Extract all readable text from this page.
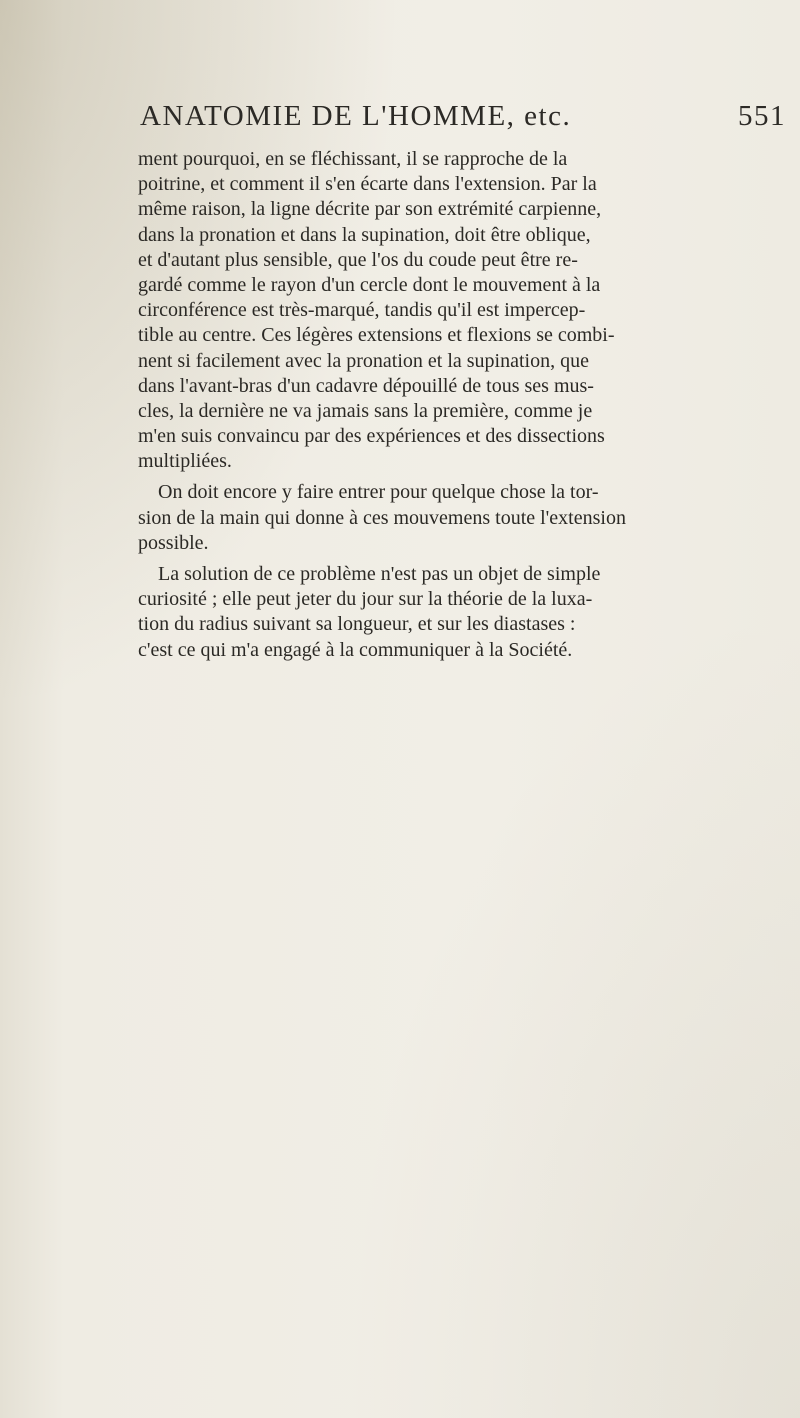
ANATOMIE DE L'HOMME, etc.	551
ment pourquoi, en se fléchissant, il se rapproche de la
poitrine, et comment il s'en écarte dans l'extension. Par la
même raison, la ligne décrite par son extrémité carpienne,
dans la pronation et dans la supination, doit être oblique,
et d'autant plus sensible, que l'os du coude peut être re-
gardé comme le rayon d'un cercle dont le mouvement à la
circonférence est très-marqué, tandis qu'il est impercep-
tible au centre. Ces légères extensions et flexions se combi-
nent si facilement avec la pronation et la supination, que
dans l'avant-bras d'un cadavre dépouillé de tous ses mus-
cles, la dernière ne va jamais sans la première, comme je
m'en suis convaincu par des expériences et des dissections
multipliées.
On doit encore y faire entrer pour quelque chose la tor-
sion de la main qui donne à ces mouvemens toute l'extension
possible.
La solution de ce problème n'est pas un objet de simple
curiosité ; elle peut jeter du jour sur la théorie de la luxa-
tion du radius suivant sa longueur, et sur les diastases :
c'est ce qui m'a engagé à la communiquer à la Société.
